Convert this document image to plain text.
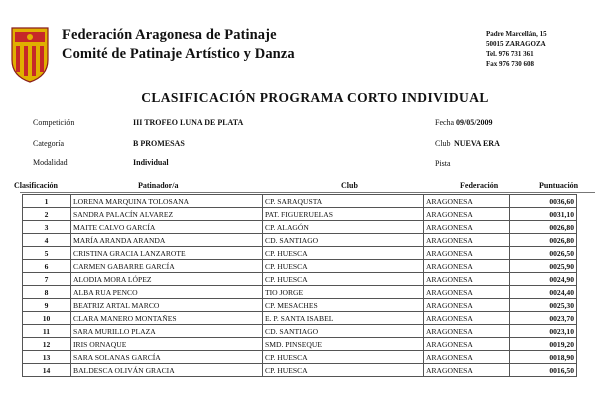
Federación Aragonesa de Patinaje
Comité de Patinaje Artístico y Danza
Padre Marcellán, 15
50015 ZARAGOZA
Tel. 976 731 361
Fax 976 730 608
CLASIFICACIÓN PROGRAMA CORTO INDIVIDUAL
Competición	III TROFEO LUNA DE PLATA	Fecha 09/05/2009
Categoría	B PROMESAS	Club NUEVA ERA
Modalidad	Individual	Pista
Clasificación	Patinador/a	Club	Federación	Puntuación
1	LORENA MARQUINA TOLOSANA	CP. SARAQUSTA	ARAGONESA	0036,60
2	SANDRA PALACÍN ALVAREZ	PAT. FIGUERUELAS	ARAGONESA	0031,10
3	MAITE CALVO GARCÍA	CP. ALAGÓN	ARAGONESA	0026,80
4	MARÍA ARANDA ARANDA	CD. SANTIAGO	ARAGONESA	0026,80
5	CRISTINA GRACIA LANZAROTE	CP. HUESCA	ARAGONESA	0026,50
6	CARMEN GABARRE GARCÍA	CP. HUESCA	ARAGONESA	0025,90
7	ALODIA MORA LÓPEZ	CP. HUESCA	ARAGONESA	0024,90
8	ALBA RUA PENCO	TIO JORGE	ARAGONESA	0024,40
9	BEATRIZ ARTAL MARCO	CP. MESACHES	ARAGONESA	0025,30
10	CLARA MANERO MONTAÑES	E. P. SANTA ISABEL	ARAGONESA	0023,70
11	SARA MURILLO PLAZA	CD. SANTIAGO	ARAGONESA	0023,10
12	IRIS ORNAQUE	SMD. PINSEQUE	ARAGONESA	0019,20
13	SARA SOLANAS GARCÍA	CP. HUESCA	ARAGONESA	0018,90
14	BALDESCA OLIVÁN GRACIA	CP. HUESCA	ARAGONESA	0016,50
